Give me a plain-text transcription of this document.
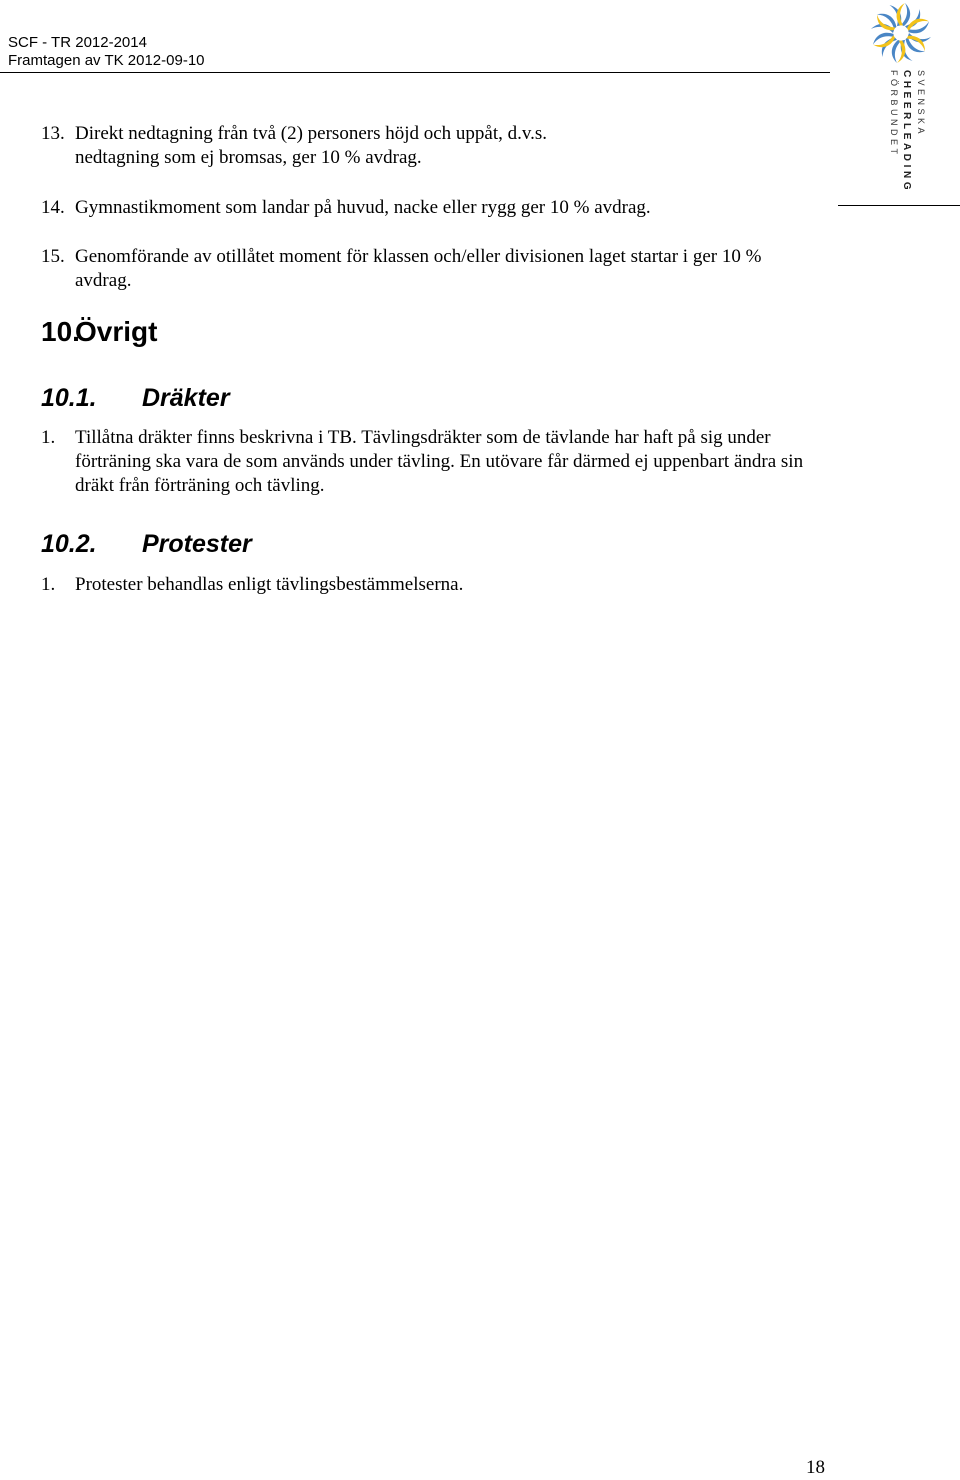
SCF - TR 2012-2014
Framtagen av TK 2012-09-10
SVENSKA
CHEERLEADING
FÖRBUNDET
13. Direkt nedtagning från två (2) personers höjd och uppåt, d.v.s. nedtagning som ej bromsas, ger 10 % avdrag.
14. Gymnastikmoment som landar på huvud, nacke eller rygg ger 10 % avdrag.
15. Genomförande av otillåtet moment för klassen och/eller divisionen laget startar i ger 10 % avdrag.
10.
Övrigt
10.1. Dräkter
1. Tillåtna dräkter finns beskrivna i TB. Tävlingsdräkter som de tävlande har haft på sig under förträning ska vara de som används under tävling. En utövare får därmed ej uppenbart ändra sin dräkt från förträning och tävling.
10.2. Protester
1. Protester behandlas enligt tävlingsbestämmelserna.
18
